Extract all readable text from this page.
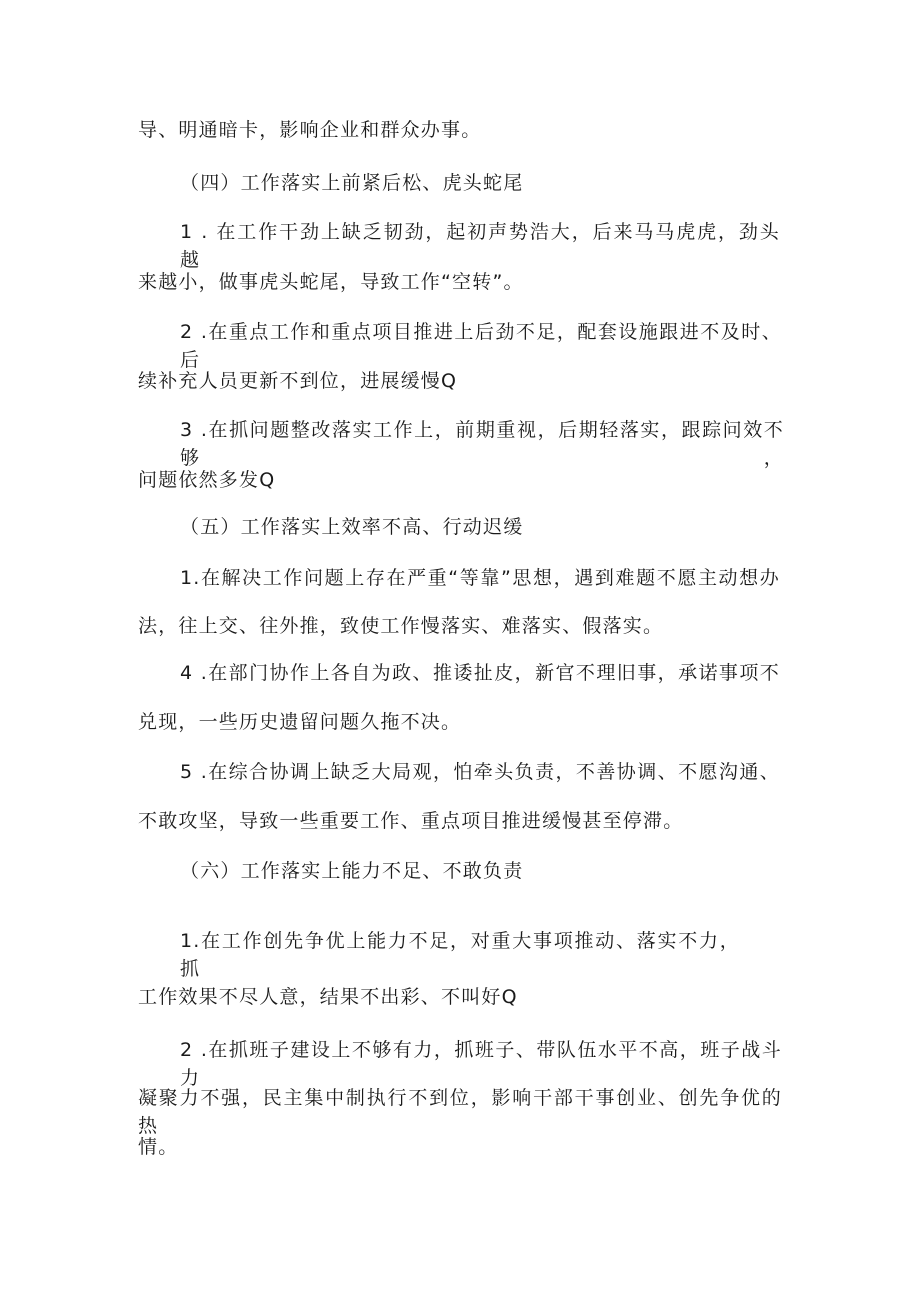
导、明通暗卡，影响企业和群众办事。
（四）工作落实上前紧后松、虎头蛇尾
1 . 在工作干劲上缺乏韧劲，起初声势浩大，后来马马虎虎，劲头越
来越小，做事虎头蛇尾，导致工作“空转”。
2 .在重点工作和重点项目推进上后劲不足，配套设施跟进不及时、后
续补充人员更新不到位，进展缓慢Q
3 .在抓问题整改落实工作上，前期重视，后期轻落实，跟踪问效不够，
问题依然多发Q
（五）工作落实上效率不高、行动迟缓
1.在解决工作问题上存在严重“等靠”思想，遇到难题不愿主动想办
法，往上交、往外推，致使工作慢落实、难落实、假落实。
4 .在部门协作上各自为政、推诿扯皮，新官不理旧事，承诺事项不
兑现，一些历史遗留问题久拖不决。
5 .在综合协调上缺乏大局观，怕牵头负责，不善协调、不愿沟通、
不敢攻坚，导致一些重要工作、重点项目推进缓慢甚至停滞。
（六）工作落实上能力不足、不敢负责
1.在工作创先争优上能力不足，对重大事项推动、落实不力，抓
工作效果不尽人意，结果不出彩、不叫好Q
2 .在抓班子建设上不够有力，抓班子、带队伍水平不高，班子战斗力
凝聚力不强，民主集中制执行不到位，影响干部干事创业、创先争优的热
情。
